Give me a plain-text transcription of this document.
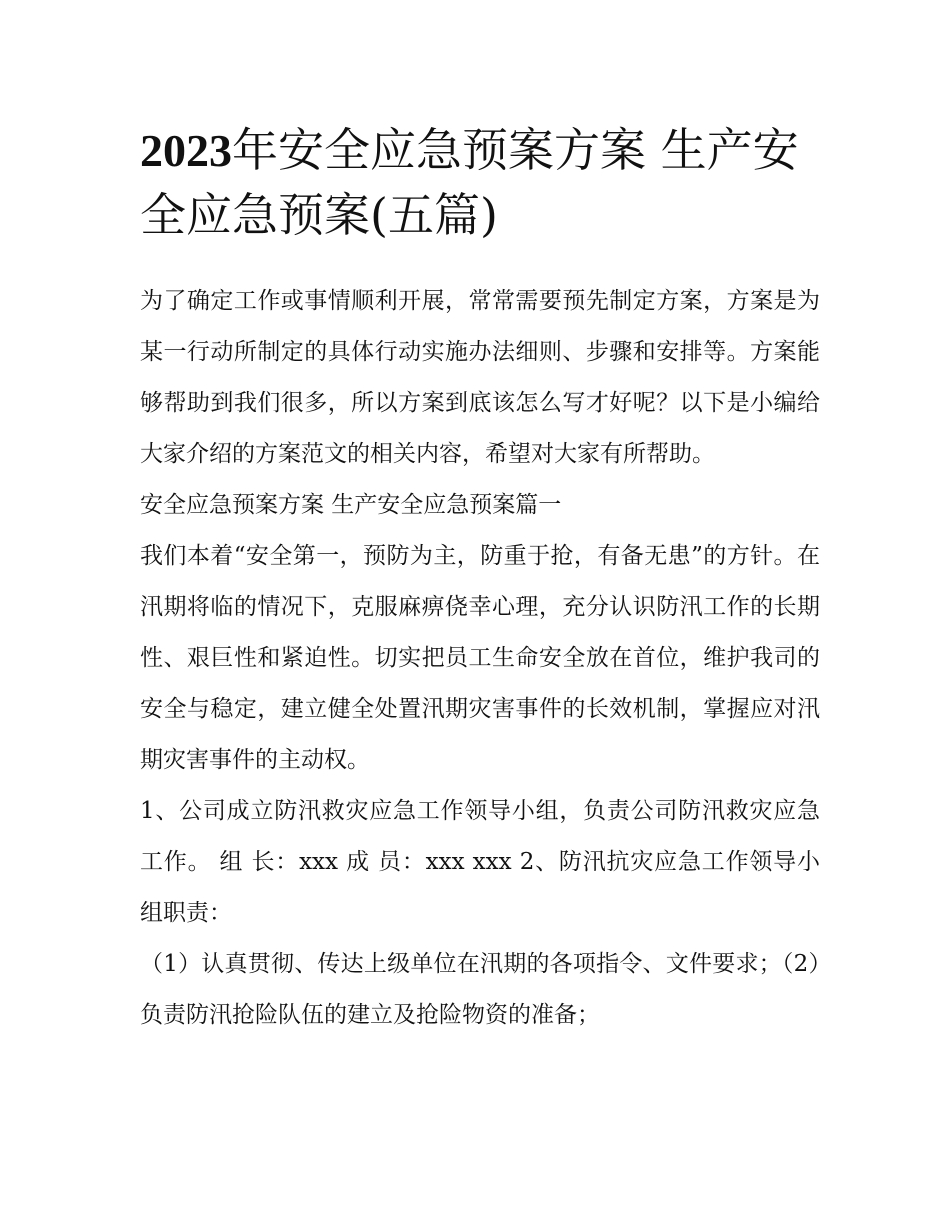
2023年安全应急预案方案 生产安全应急预案(五篇)

为了确定工作或事情顺利开展，常常需要预先制定方案，方案是为某一行动所制定的具体行动实施办法细则、步骤和安排等。方案能够帮助到我们很多，所以方案到底该怎么写才好呢？以下是小编给大家介绍的方案范文的相关内容，希望对大家有所帮助。

安全应急预案方案 生产安全应急预案篇一

我们本着“安全第一，预防为主，防重于抢，有备无患”的方针。在汛期将临的情况下，克服麻痹侥幸心理，充分认识防汛工作的长期性、艰巨性和紧迫性。切实把员工生命安全放在首位，维护我司的安全与稳定，建立健全处置汛期灾害事件的长效机制，掌握应对汛期灾害事件的主动权。

1、公司成立防汛救灾应急工作领导小组，负责公司防汛救灾应急工作。 组 长：xxx 成 员：xxx xxx 2、防汛抗灾应急工作领导小组职责：

（1）认真贯彻、传达上级单位在汛期的各项指令、文件要求；（2）负责防汛抢险队伍的建立及抢险物资的准备；
